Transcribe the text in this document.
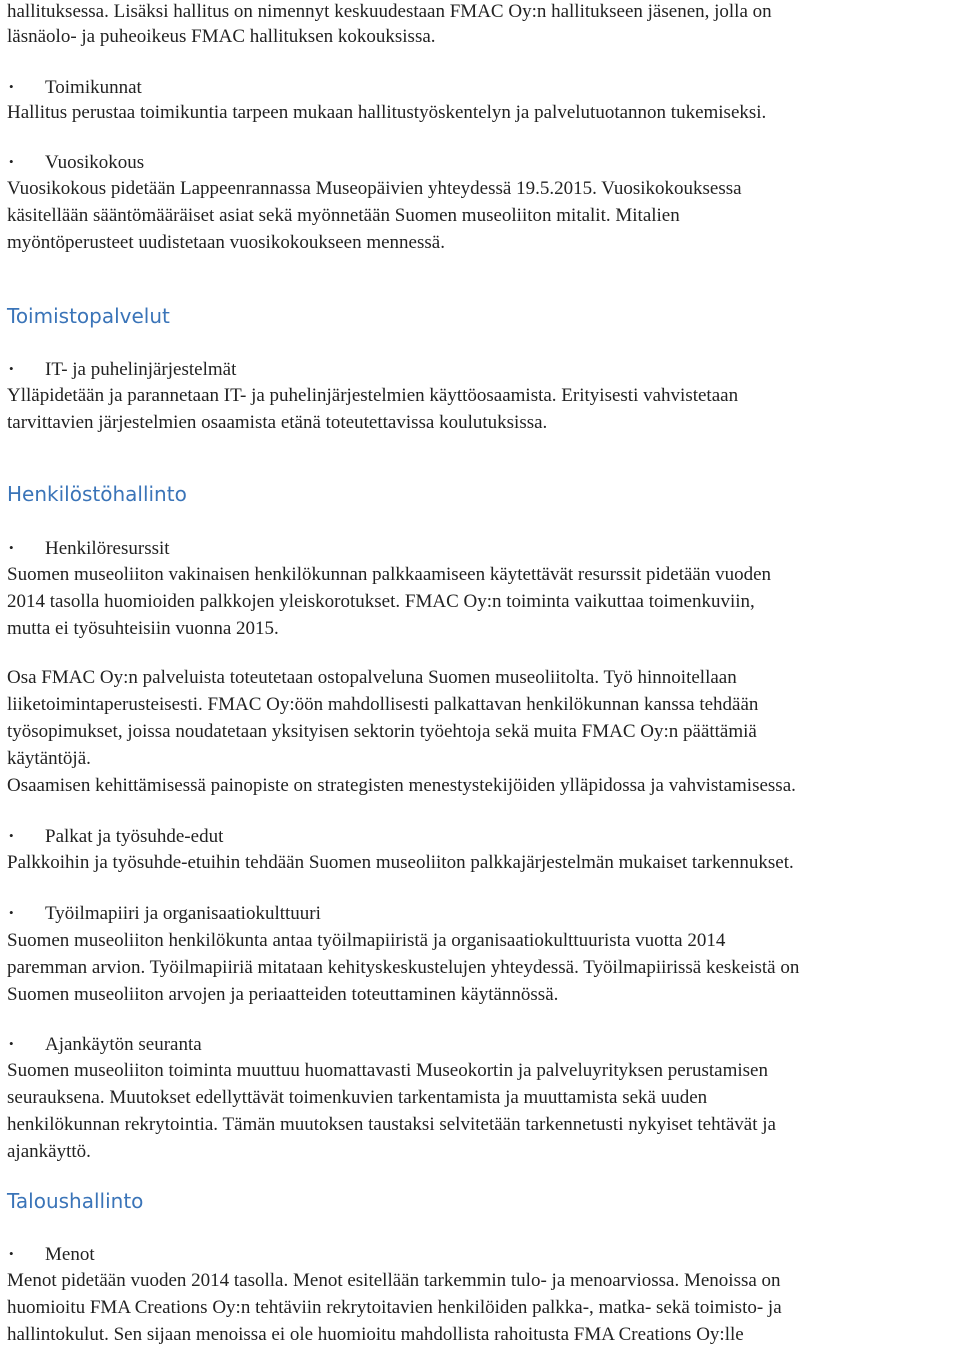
hallituksessa. Lisäksi hallitus on nimennyt keskuudestaan FMAC Oy:n hallitukseen jäsenen, jolla on
läsnäolo- ja puheoikeus FMAC hallituksen kokouksissa.
• Toimikunnat
Hallitus perustaa toimikuntia tarpeen mukaan hallitustyöskentelyn ja palvelutuotannon tukemiseksi.
• Vuosikokous
Vuosikokous pidetään Lappeenrannassa Museopäivien yhteydessä 19.5.2015. Vuosikokouksessa
käsitellään sääntömääräiset asiat sekä myönnetään Suomen museoliiton mitalit. Mitalien
myöntöperusteet uudistetaan vuosikokoukseen mennessä.
Toimistopalvelut
• IT- ja puhelinjärjestelmät
Ylläpidetään ja parannetaan IT- ja puhelinjärjestelmien käyttöosaamista. Erityisesti vahvistetaan
tarvittavien järjestelmien osaamista etänä toteutettavissa koulutuksissa.
Henkilöstöhallinto
• Henkilöresurssit
Suomen museoliiton vakinaisen henkilökunnan palkkaamiseen käytettävät resurssit pidetään vuoden
2014 tasolla huomioiden palkkojen yleiskorotukset. FMAC Oy:n toiminta vaikuttaa toimenkuviin,
mutta ei työsuhteisiin vuonna 2015.
Osa FMAC Oy:n palveluista toteutetaan ostopalveluna Suomen museoliitolta. Työ hinnoitellaan
liiketoimintaperusteisesti. FMAC Oy:öön mahdollisesti palkattavan henkilökunnan kanssa tehdään
työsopimukset, joissa noudatetaan yksityisen sektorin työehtoja sekä muita FMAC Oy:n päättämiä
käytäntöjä.
Osaamisen kehittämisessä painopiste on strategisten menestystekijöiden ylläpidossa ja vahvistamisessa.
• Palkat ja työsuhde-edut
Palkkoihin ja työsuhde-etuihin tehdään Suomen museoliiton palkkajärjestelmän mukaiset tarkennukset.
• Työilmapiiri ja organisaatiokulttuuri
Suomen museoliiton henkilökunta antaa työilmapiiristä ja organisaatiokulttuurista vuotta 2014
paremman arvion. Työilmapiiriä mitataan kehityskeskustelujen yhteydessä. Työilmapiirissä keskeistä on
Suomen museoliiton arvojen ja periaatteiden toteuttaminen käytännössä.
• Ajankäytön seuranta
Suomen museoliiton toiminta muuttuu huomattavasti Museokortin ja palveluyrityksen perustamisen
seurauksena. Muutokset edellyttävät toimenkuvien tarkentamista ja muuttamista sekä uuden
henkilökunnan rekrytointia. Tämän muutoksen taustaksi selvitetään tarkennetusti nykyiset tehtävät ja
ajankäyttö.
Taloushallinto
• Menot
Menot pidetään vuoden 2014 tasolla. Menot esitellään tarkemmin tulo- ja menoarviossa. Menoissa on
huomioitu FMA Creations Oy:n tehtäviin rekrytoitavien henkilöiden palkka-, matka- sekä toimisto- ja
hallintokulut. Sen sijaan menoissa ei ole huomioitu mahdollista rahoitusta FMA Creations Oy:lle
